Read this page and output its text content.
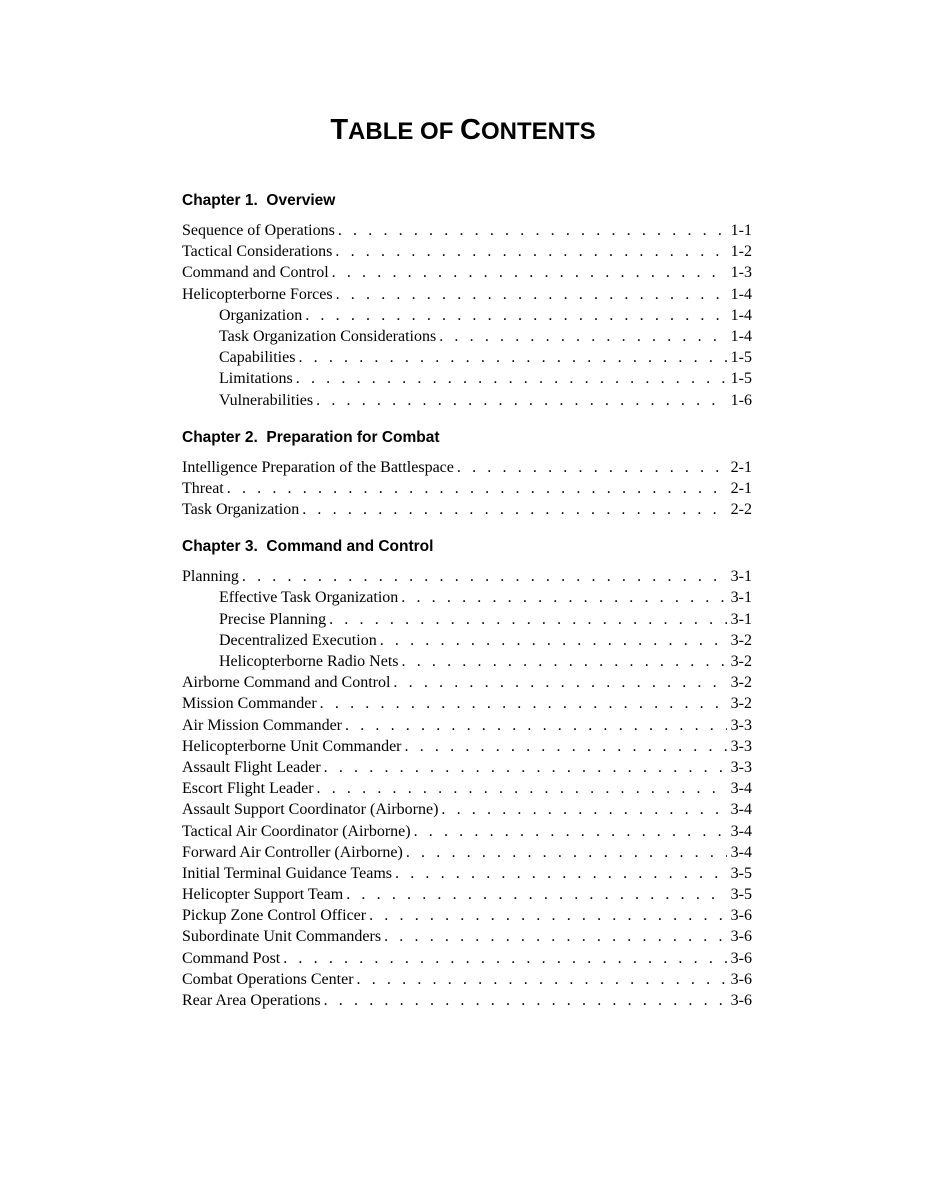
TABLE OF CONTENTS
Chapter 1.  Overview
Sequence of Operations . . .	1-1
Tactical Considerations . . .	1-2
Command and Control . . .	1-3
Helicopterborne Forces . . .	1-4
Organization . . .	1-4
Task Organization Considerations . . .	1-4
Capabilities . . .	1-5
Limitations . . .	1-5
Vulnerabilities . . .	1-6
Chapter 2.  Preparation for Combat
Intelligence Preparation of the Battlespace . . .	2-1
Threat . . .	2-1
Task Organization . . .	2-2
Chapter 3.  Command and Control
Planning . . .	3-1
Effective Task Organization . . .	3-1
Precise Planning . . .	3-1
Decentralized Execution . . .	3-2
Helicopterborne Radio Nets . . .	3-2
Airborne Command and Control . . .	3-2
Mission Commander . . .	3-2
Air Mission Commander . . .	3-3
Helicopterborne Unit Commander . . .	3-3
Assault Flight Leader . . .	3-3
Escort Flight Leader . . .	3-4
Assault Support Coordinator (Airborne) . . .	3-4
Tactical Air Coordinator (Airborne) . . .	3-4
Forward Air Controller (Airborne) . . .	3-4
Initial Terminal Guidance Teams . . .	3-5
Helicopter Support Team . . .	3-5
Pickup Zone Control Officer . . .	3-6
Subordinate Unit Commanders . . .	3-6
Command Post . . .	3-6
Combat Operations Center . . .	3-6
Rear Area Operations . . .	3-6
